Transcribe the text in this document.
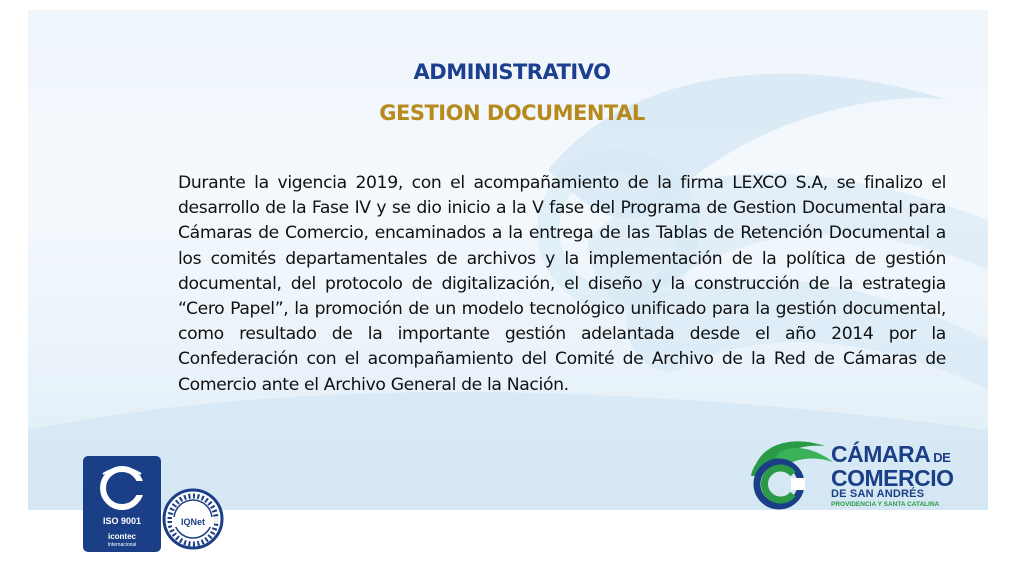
ADMINISTRATIVO
GESTION DOCUMENTAL
Durante la vigencia 2019, con el acompañamiento de la firma LEXCO S.A, se finalizo el desarrollo de la Fase IV y se dio inicio a la V fase del Programa de Gestion Documental para Cámaras de Comercio, encaminados a la entrega de las Tablas de Retención Documental a los comités departamentales de archivos y la implementación de la política de gestión documental, del protocolo de digitalización, el diseño y la construcción de la estrategia “Cero Papel”, la promoción de un modelo tecnológico unificado para la gestión documental, como resultado de la importante gestión adelantada desde el año 2014 por la Confederación con el acompañamiento del Comité de Archivo de la Red de Cámaras de Comercio ante el Archivo General de la Nación.
ISO 9001
icontec
Internacional
IQNet
CÁMARA DE
COMERCIO
DE SAN ANDRÉS
PROVIDENCIA Y SANTA CATALINA
